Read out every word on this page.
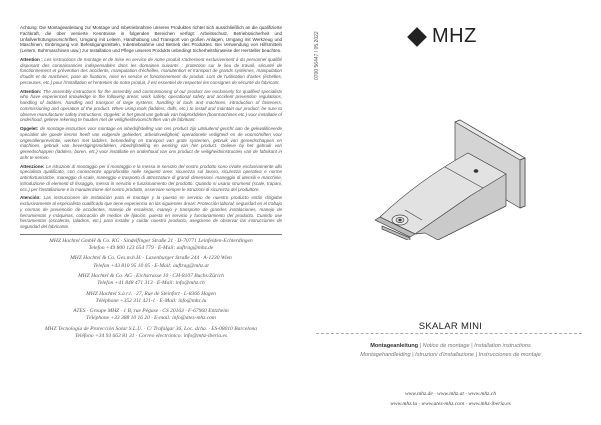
Achtung: Die Montageanleitung zur Montage und Inbetriebnahme unseres Produktes richtet sich ausschließlich an die qualifizierte Fachkraft, die über versierte Kenntnisse in folgenden Bereichen verfügt: Arbeitsschutz, Betriebssicherheit und Unfallverhütungsvorschriften, Umgang mit Leitern, Handhabung und Transport von großen Anlagen, Umgang mit Werkzeug und Maschinen, Einbringung von Befestigungsmitteln, Inbetriebnahme und Betrieb des Produktes. Bei Verwendung von Hilfsmitteln (Leitern, Bohrmaschinen usw.) zur Installation und Pflege unseres Produkts unbedingt Sicherheitshinweise der Hersteller beachten.

Attention : Les instructions de montage et de mise en service de notre produit s'adressent exclusivement à du personnel qualifié disposant des connaissances indispensables dans les domaines suivants : protection sur le lieu de travail, sécurité de fonctionnement et prévention des accidents, manipulation d'échelles, manutention et transport de grands systèmes, manipulation d'outils et de machines, pose de fixations, mise en service et fonctionnement du produit. Lors de l'utilisation d'aides (échelles, perceuses, etc.) pour l'installation et l'entretien de notre produit, il est essentiel de respecter les consignes de sécurité du fabricant.

Attention: The assembly instructions for the assembly and commissioning of our product are exclusively for qualified specialists who have experienced knowledge in the following areas: work safety, operational safety and accident prevention regulations, handling of ladders, handling and transport of large systems, handling of tools and machines, introduction of fasteners, commissioning and operation of the product. When using tools (ladders, drills, etc.) to install and maintain our product, be sure to observe manufacturer safety instructions. Opgelet: in het geval van gebruik van hulpmiddelen (boormachines etc.) voor installatie of onderhoud, gelieve rekening te houden met de veiligheidsvoorschriften van de fabrikant.

Opgelet: de montage-instructies voor montage en inbedrijfstelling van ons product zijn uitsluitend gericht aan de gekwalificeerde specialist die goede kennis heeft van volgende gebieden: arbeidsveiligheid, operationele veiligheid en de voorschriften voor ongevallenpreventie, werken met ladders, behandeling en transport van grote systemen, gebruik van gereedschappen en machines, gebruik van bevestigingsmiddelen, inbedrijfstelling en werking van het product. Gelieve bij het gebruik van gereedschappen (ladders, boren, etc.) voor installatie en onderhoud van ons product de veiligheidsinstructies van de fabrikant in acht te nemen.

Attenzione: Le istruzioni di montaggio per il montaggio e la messa in servizio del nostro prodotto sono rivolte esclusivamente allo specialista qualificato, con conoscenze approfondite nelle seguenti aree: sicurezza sul lavoro, sicurezza operativa e norme antinfortunistiche, maneggio di scale, maneggio e trasporto di attrezzature di grandi dimensioni, maneggio di utensili e macchine, introduzione di elementi di fissaggio, messa in servizio e funzionamento del prodotto. Quando si usano strumenti (scale, trapani, ecc.) per l'installazione e la manutenzione del nostro prodotto, osservare sempre le istruzioni di sicurezza del produttore.

Atención: Las instrucciones de instalación para el montaje y la puesta en servicio de nuestro producto están dirigidas exclusivamente al especialista cualificado que tiene experiencia en las siguientes áreas: Protección laboral, seguridad en el trabajo y normas de prevención de accidentes, manejo de escaleras, manejo y transporte de grandes instalaciones, manejo de herramientas y máquinas, colocación de medios de fijación, puesta en servicio y funcionamiento del producto. Cuando use herramientas (escaleras, taladros, etc.) para instalar y cuidar nuestro producto, asegúrese de observar las instrucciones de seguridad del fabricante.

MHZ Hachtel GmbH & Co. KG · Sindelfinger Straße 21 · D-70771 Leinfelden-Echterdingen
Telefon +49 800 123 654 779 · E-Mail: auftrag@mhz.de

MHZ Hachtel & Co. Ges.m.b.H. · Laxenburger Straße 244 · A-1230 Wien
Telefon +43 810 95 10 05 · E-Mail: auftrag@mhz.at

MHZ Hachtel & Co. AG · Eichstrasse 10 · CH-8107 Buchs/Zürich
Telefon +41 848 471 313 · E-Mail: info@mhz.ch

MHZ Hachtel S.à r.l. · 27, Rue de Steinfort · L-8366 Hagen
Téléphone +352 311 421-1 · E-Mail: info@mhz.lu

ATES · Groupe MHZ · 1 B, rue Pégase · CS 20163 · F-67960 Entzheim
Téléphone +33 388 10 16 20 · E-mail: info@ates-mhz.com

MHZ Tecnología de Protección Solar S.L.U. · C/ Trafalgar 36, Loc. dcha. · ES-08010 Barcelona
Teléfono +34 93 663 81 31 · Correo electrónico: info@mhz-iberia.es

0700 56447 / 05.2022	MHZ
SKALAR MINI
Montageanleitung | Notice de montage | Installation instructions
Montagehandleiding | Istruzioni d'installazione | Instrucciones de montaje
www.mhz.de · www.mhz.at · www.mhz.ch
www.mhz.lu · www.ates-mhz.com · www.mhz-iberia.es
